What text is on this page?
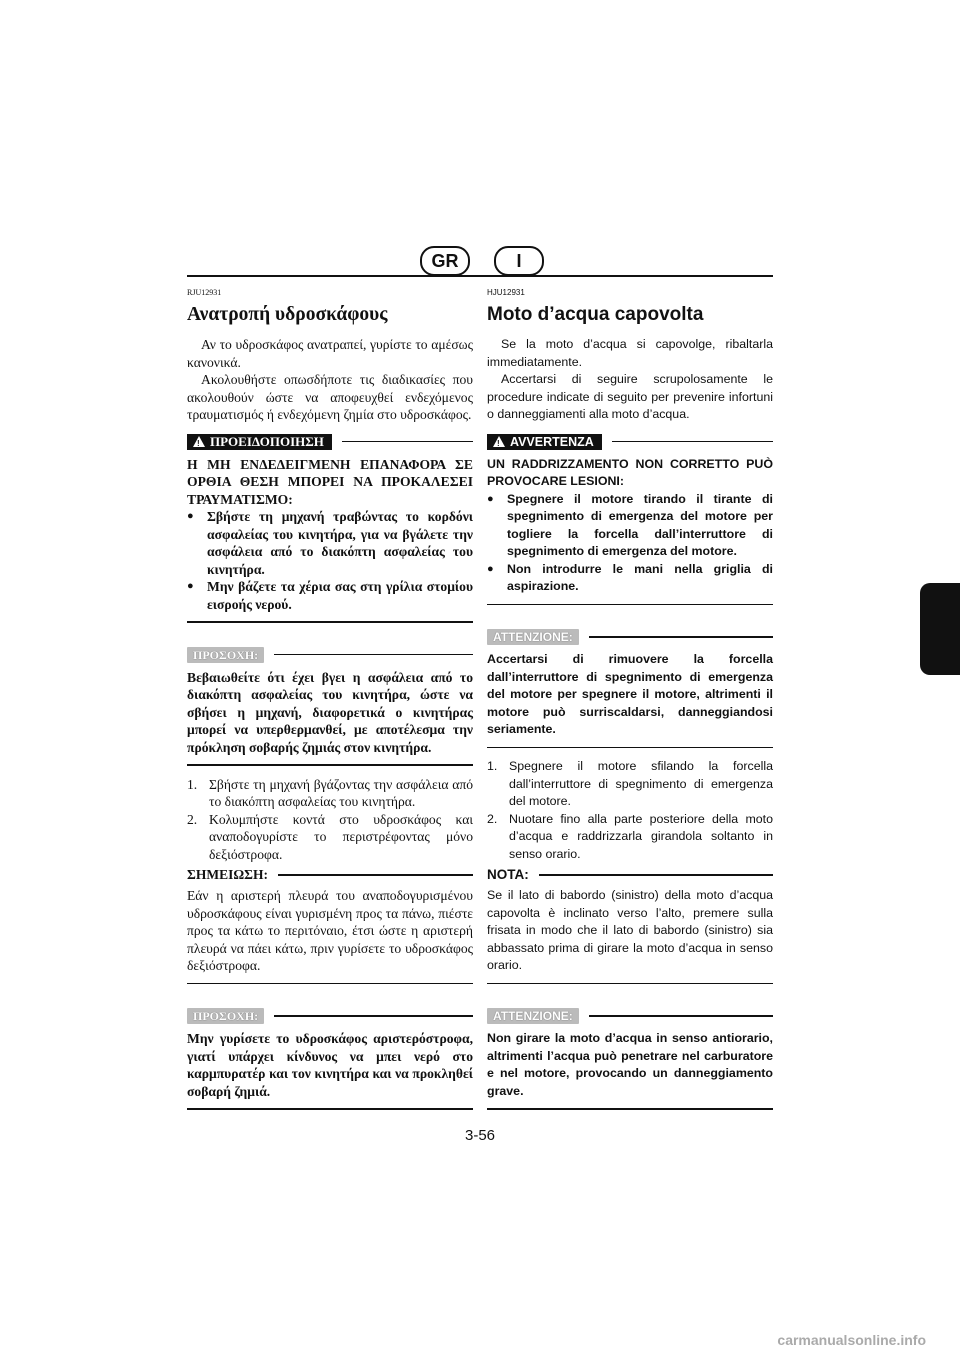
GR	I
RJU12931
Ανατροπή υδροσκάφους

Αν το υδροσκάφος ανατραπεί, γυρίστε το αμέσως κανονικά.

Ακολουθήστε οπωσδήποτε τις διαδικασίες που ακολουθούν ώστε να αποφευχθεί ενδεχόμενος τραυματισμός ή ενδεχόμενη ζημία στο υδροσκάφος.

!
ΠΡΟΕΙΔΟΠΟΙΗΣΗ

Η ΜΗ ΕΝΔΕΔΕΙΓΜΕΝΗ ΕΠΑΝΑΦΟΡΑ ΣΕ ΟΡΘΙΑ ΘΕΣΗ ΜΠΟΡΕΙ ΝΑ ΠΡΟΚΑΛΕΣΕΙ ΤΡΑΥΜΑΤΙΣΜΟ:

● Σβήστε τη μηχανή τραβώντας το κορδόνι ασφαλείας του κινητήρα, για να βγάλετε την ασφάλεια από το διακόπτη ασφαλείας του κινητήρα.
● Μην βάζετε τα χέρια σας στη γρίλια στομίου εισροής νερού.
ΠΡΟΣΟΧΗ:

Βεβαιωθείτε ότι έχει βγει η ασφάλεια από το διακόπτη ασφαλείας του κινητήρα, ώστε να σβήσει η μηχανή, διαφορετικά ο κινητήρας μπορεί να υπερθερμανθεί, με αποτέλεσμα την πρόκληση σοβαρής ζημιάς στον κινητήρα.

1. Σβήστε τη μηχανή βγάζοντας την ασφάλεια από το διακόπτη ασφαλείας του κινητήρα.
2. Κολυμπήστε κοντά στο υδροσκάφος και αναποδογυρίστε το περιστρέφοντας μόνο δεξιόστροφα.
ΣΗΜΕΙΩΣΗ:

Εάν η αριστερή πλευρά του αναποδογυρισμένου υδροσκάφους είναι γυρισμένη προς τα πάνω, πιέστε προς τα κάτω το περιτόναιο, έτσι ώστε η αριστερή πλευρά να πάει κάτω, πριν γυρίσετε το υδροσκάφος δεξιόστροφα.

ΠΡΟΣΟΧΗ:

Μην γυρίσετε το υδροσκάφος αριστερόστροφα, γιατί υπάρχει κίνδυνος να μπει νερό στο καρμπυρατέρ και τον κινητήρα και να προκληθεί σοβαρή ζημιά.

HJU12931
Moto d’acqua capovolta

Se la moto d’acqua si capovolge, ribaltarla immediatamente.

Accertarsi di seguire scrupolosamente le procedure indicate di seguito per prevenire infortuni o danneggiamenti alla moto d’acqua.

!
AVVERTENZA

UN RADDRIZZAMENTO NON CORRETTO PUÒ PROVOCARE LESIONI:

● Spegnere il motore tirando il tirante di spegnimento di emergenza del motore per togliere la forcella dall’interruttore di spegnimento di emergenza del motore.
● Non introdurre le mani nella griglia di aspirazione.
ATTENZIONE:

Accertarsi di rimuovere la forcella dall’interruttore di spegnimento di emergenza del motore per spegnere il motore, altrimenti il motore può surriscaldarsi, danneggiandosi seriamente.

1. Spegnere il motore sfilando la forcella dall’interruttore di spegnimento di emergenza del motore.
2. Nuotare fino alla parte posteriore della moto d’acqua e raddrizzarla girandola soltanto in senso orario.
NOTA:

Se il lato di babordo (sinistro) della moto d’acqua capovolta è inclinato verso l’alto, premere sulla frisata in modo che il lato di babordo (sinistro) sia abbassato prima di girare la moto d’acqua in senso orario.

ATTENZIONE:

Non girare la moto d’acqua in senso antiorario, altrimenti l’acqua può penetrare nel carburatore e nel motore, provocando un danneggiamento grave.

3-56
carmanualsonline.info
